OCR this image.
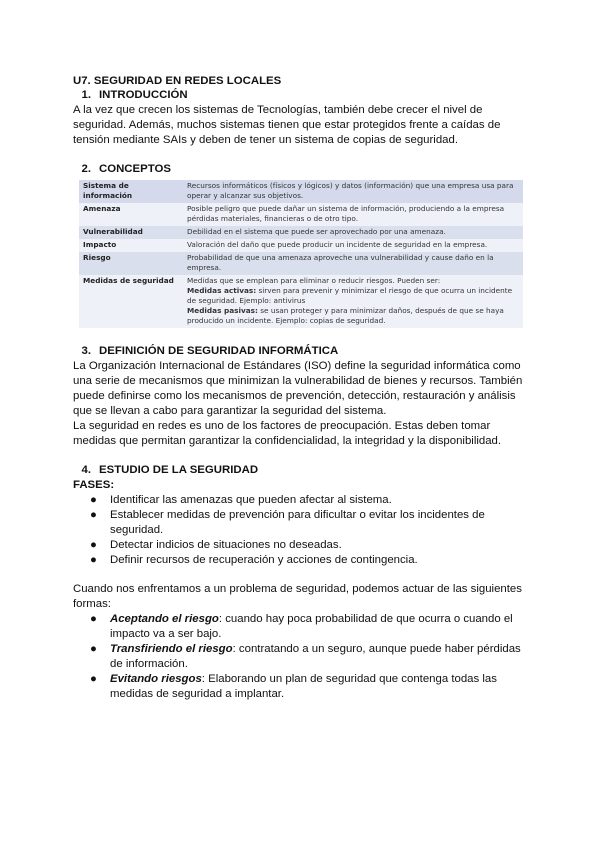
U7. SEGURIDAD EN REDES LOCALES
1. INTRODUCCIÓN

A la vez que crecen los sistemas de Tecnologías, también debe crecer el nivel de seguridad. Además, muchos sistemas tienen que estar protegidos frente a caídas de tensión mediante SAIs y deben de tener un sistema de copias de seguridad.

2. CONCEPTOS
Sistema de información	Recursos informáticos (físicos y lógicos) y datos (información) que una empresa usa para operar y alcanzar sus objetivos.
Amenaza	Posible peligro que puede dañar un sistema de información, produciendo a la empresa pérdidas materiales, financieras o de otro tipo.
Vulnerabilidad	Debilidad en el sistema que puede ser aprovechado por una amenaza.
Impacto	Valoración del daño que puede producir un incidente de seguridad en la empresa.
Riesgo	Probabilidad de que una amenaza aproveche una vulnerabilidad y cause daño en la empresa.
Medidas de seguridad	Medidas que se emplean para eliminar o reducir riesgos. Pueden ser:
Medidas activas: sirven para prevenir y minimizar el riesgo de que ocurra un incidente de seguridad. Ejemplo: antivirus
Medidas pasivas: se usan proteger y para minimizar daños, después de que se haya producido un incidente. Ejemplo: copias de seguridad.
3. DEFINICIÓN DE SEGURIDAD INFORMÁTICA

La Organización Internacional de Estándares (ISO) define la seguridad informática como una serie de mecanismos que minimizan la vulnerabilidad de bienes y recursos. También puede definirse como los mecanismos de prevención, detección, restauración y análisis que se llevan a cabo para garantizar la seguridad del sistema.

La seguridad en redes es uno de los factores de preocupación. Estas deben tomar medidas que permitan garantizar la confidencialidad, la integridad y la disponibilidad.

4. ESTUDIO DE LA SEGURIDAD
FASES:
● Identificar las amenazas que pueden afectar al sistema.
● Establecer medidas de prevención para dificultar o evitar los incidentes de seguridad.
● Detectar indicios de situaciones no deseadas.
● Definir recursos de recuperación y acciones de contingencia.

Cuando nos enfrentamos a un problema de seguridad, podemos actuar de las siguientes formas:

● Aceptando el riesgo: cuando hay poca probabilidad de que ocurra o cuando el impacto va a ser bajo.
● Transfiriendo el riesgo: contratando a un seguro, aunque puede haber pérdidas de información.
● Evitando riesgos: Elaborando un plan de seguridad que contenga todas las medidas de seguridad a implantar.
